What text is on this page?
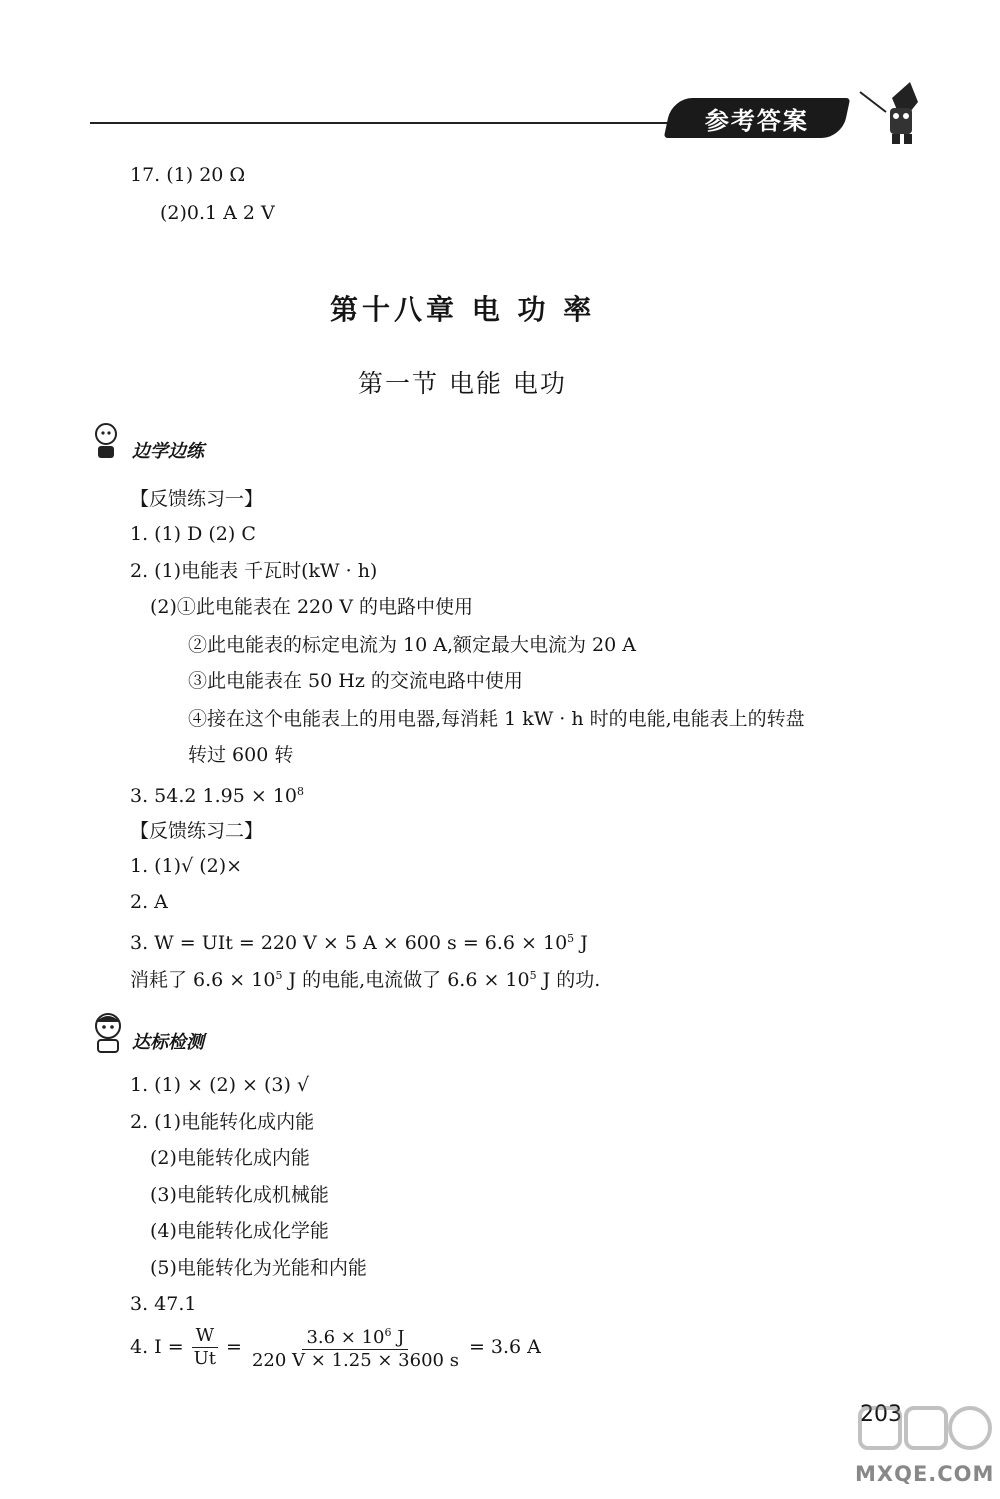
参考答案
17. (1) 20 Ω
(2)0.1 A 2 V
第十八章 电 功 率
第一节 电能 电功
边学边练
【反馈练习一】
1. (1) D (2) C
2. (1)电能表 千瓦时(kW · h)
(2)①此电能表在 220 V 的电路中使用
②此电能表的标定电流为 10 A,额定最大电流为 20 A
③此电能表在 50 Hz 的交流电路中使用
④接在这个电能表上的用电器,每消耗 1 kW · h 时的电能,电能表上的转盘
转过 600 转
3. 54.2 $1.95 \times 10^8$
【反馈练习二】
1. (1)√ (2)×
2. A
3. W = UIt = 220 V × 5 A × 600 $s = 6.6 \times 10^5$ J
消耗了 $6.6 \times 10^5$ J 的电能,电流做了 $6.6 \times 10^5$ J 的功.
达标检测
1. (1) × (2) × (3) √
2. (1)电能转化成内能
(2)电能转化成内能
(3)电能转化成机械能
(4)电能转化成化学能
(5)电能转化为光能和内能
3. 47.1
4. $I = \frac{W}{Ut} = \frac{3.6 \times 10^6 J}{220 V \times 1.25 \times 3600 s} = 3.6$ A
203
MXQE.COM
